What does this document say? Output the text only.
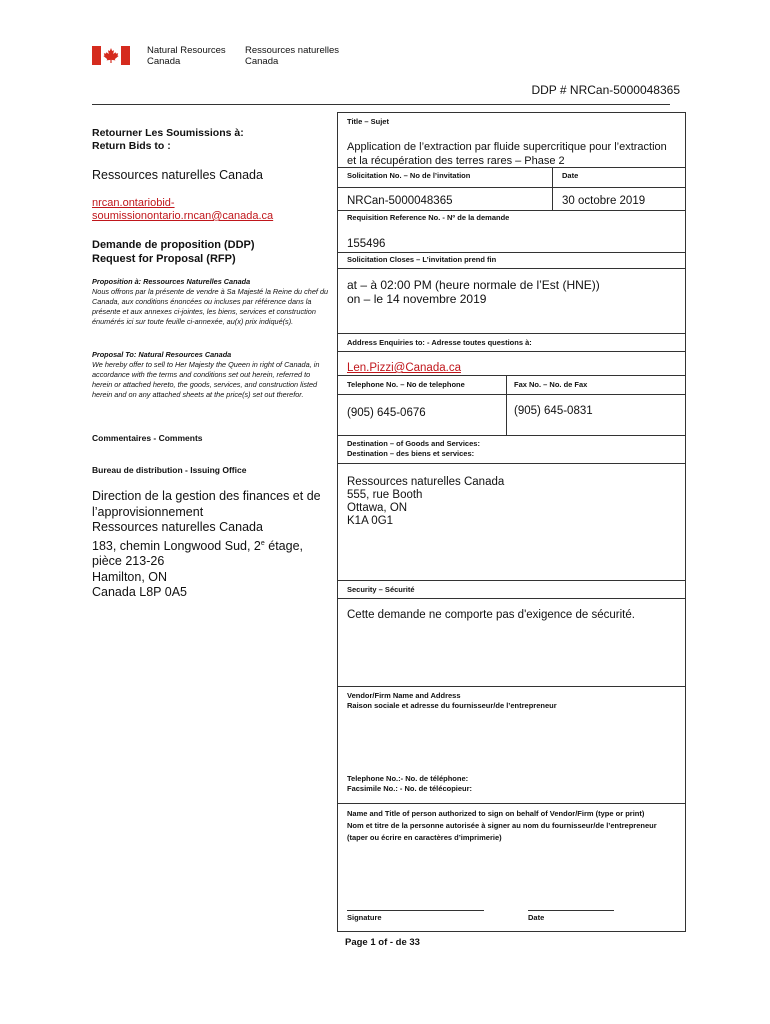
Natural Resources
Canada
Ressources naturelles
Canada
DDP # NRCan-5000048365
Retourner Les Soumissions à:
Return Bids to :
Ressources naturelles Canada
nrcan.ontariobid-
soumissionontario.rncan@canada.ca
Demande de proposition (DDP)
Request for Proposal (RFP)
Proposition à: Ressources Naturelles Canada
Nous offrons par la présente de vendre à Sa Majesté la Reine du chef du Canada, aux conditions énoncées ou incluses par référence dans la présente et aux annexes ci-jointes, les biens, services et construction énumérés ici sur toute feuille ci-annexée, au(x) prix indiqué(s).
Proposal To: Natural Resources Canada
We hereby offer to sell to Her Majesty the Queen in right of Canada, in accordance with the terms and conditions set out herein, referred to herein or attached hereto, the goods, services, and construction listed herein and on any attached sheets at the price(s) set out therefor.
Commentaires - Comments
Bureau de distribution - Issuing Office
Direction de la gestion des finances et de
l’approvisionnement
Ressources naturelles Canada
183, chemin Longwood Sud, 2e étage,
pièce 213-26
Hamilton, ON
Canada L8P 0A5
Title – Sujet
Application de l’extraction par fluide supercritique pour l’extraction
et la récupération des terres rares – Phase 2
Solicitation No. – No de l’invitation	Date
NRCan-5000048365	30 octobre 2019
Requisition Reference No. - Nº de la demande
155496
Solicitation Closes – L’invitation prend fin
at – à 02:00 PM (heure normale de l’Est (HNE))
on – le 14 novembre 2019
Address Enquiries to: - Adresse toutes questions à:
Len.Pizzi@Canada.ca
Telephone No. – No de telephone	Fax No. – No. de Fax
(905) 645-0676	(905) 645-0831
Destination – of Goods and Services:
Destination – des biens et services:
Ressources naturelles Canada
555, rue Booth
Ottawa, ON
K1A 0G1
Security – Sécurité
Cette demande ne comporte pas d'exigence de sécurité.
Vendor/Firm Name and Address
Raison sociale et adresse du fournisseur/de l’entrepreneur
Telephone No.:- No. de téléphone:
Facsimile No.: - No. de télécopieur:
Name and Title of person authorized to sign on behalf of Vendor/Firm (type or print)
Nom et titre de la personne autorisée à signer au nom du fournisseur/de l’entrepreneur (taper ou écrire en caractères d’imprimerie)
Signature	Date
Page 1 of - de 33
